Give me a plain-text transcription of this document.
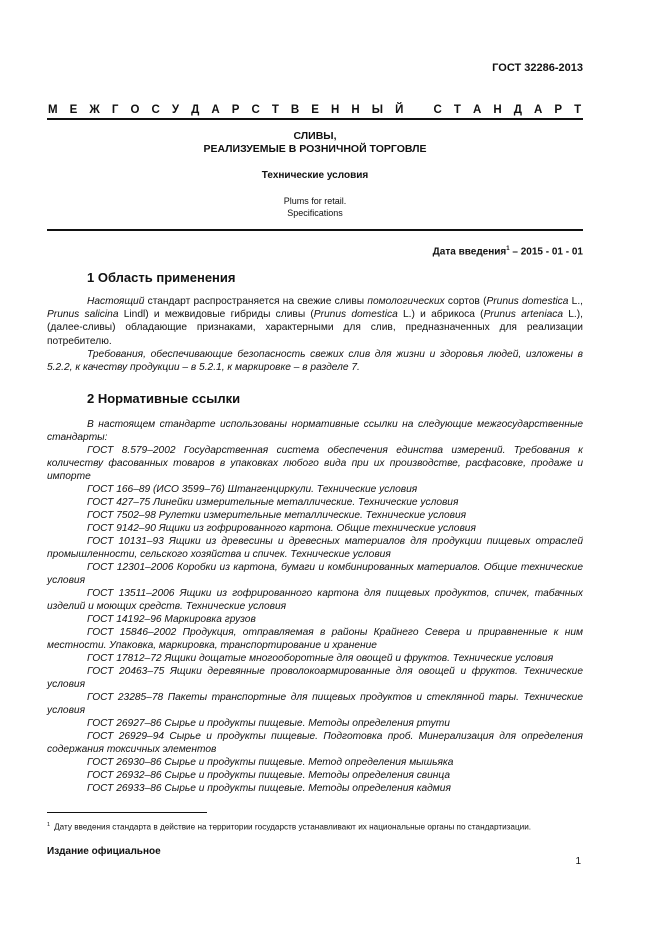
ГОСТ 32286-2013
М Е Ж Г О С У Д А Р С Т В Е Н Н Ы Й	С Т А Н Д А Р Т
СЛИВЫ,
РЕАЛИЗУЕМЫЕ В РОЗНИЧНОЙ ТОРГОВЛЕ
Технические условия
Plums for retail.
Specifications
Дата введения$^1$ – 2015 - 01 - 01
1 Область применения
Настоящий стандарт распространяется на свежие сливы помологических сортов (Prunus domestica L., Prunus salicina Lindl) и межвидовые гибриды сливы (Prunus domestica L.) и абрикоса (Prunus arteniaca L.), (далее-сливы) обладающие признаками, характерными для слив, предназначенных для реализации потребителю.
Требования, обеспечивающие безопасность свежих слив для жизни и здоровья людей, изложены в 5.2.2, к качеству продукции – в 5.2.1, к маркировке – в разделе 7.
2 Нормативные ссылки

В настоящем стандарте использованы нормативные ссылки на следующие межгосударственные стандарты:

ГОСТ 8.579–2002 Государственная система обеспечения единства измерений. Требования к количеству фасованных товаров в упаковках любого вида при их производстве, расфасовке, продаже и импорте

ГОСТ 166–89 (ИСО 3599–76) Штангенциркули. Технические условия

ГОСТ 427–75 Линейки измерительные металлические. Технические условия

ГОСТ 7502–98 Рулетки измерительные металлические. Технические условия

ГОСТ 9142–90 Ящики из гофрированного картона. Общие технические условия

ГОСТ 10131–93 Ящики из древесины и древесных материалов для продукции пищевых отраслей промышленности, сельского хозяйства и спичек. Технические условия

ГОСТ 12301–2006 Коробки из картона, бумаги и комбинированных материалов. Общие технические условия

ГОСТ 13511–2006 Ящики из гофрированного картона для пищевых продуктов, спичек, табачных изделий и моющих средств. Технические условия

ГОСТ 14192–96 Маркировка грузов

ГОСТ 15846–2002 Продукция, отправляемая в районы Крайнего Севера и приравненные к ним местности. Упаковка, маркировка, транспортирование и хранение

ГОСТ 17812–72 Ящики дощатые многооборотные для овощей и фруктов. Технические условия

ГОСТ 20463–75 Ящики деревянные проволокоармированные для овощей и фруктов. Технические условия

ГОСТ 23285–78 Пакеты транспортные для пищевых продуктов и стеклянной тары. Технические условия

ГОСТ 26927–86 Сырье и продукты пищевые. Методы определения ртути

ГОСТ 26929–94 Сырье и продукты пищевые. Подготовка проб. Минерализация для определения содержания токсичных элементов

ГОСТ 26930–86 Сырье и продукты пищевые. Метод определения мышьяка

ГОСТ 26932–86 Сырье и продукты пищевые. Методы определения свинца

ГОСТ 26933–86 Сырье и продукты пищевые. Методы определения кадмия

$^1$ Дату введения стандарта в действие на территории государств устанавливают их национальные органы по стандартизации.
Издание официальное
1
